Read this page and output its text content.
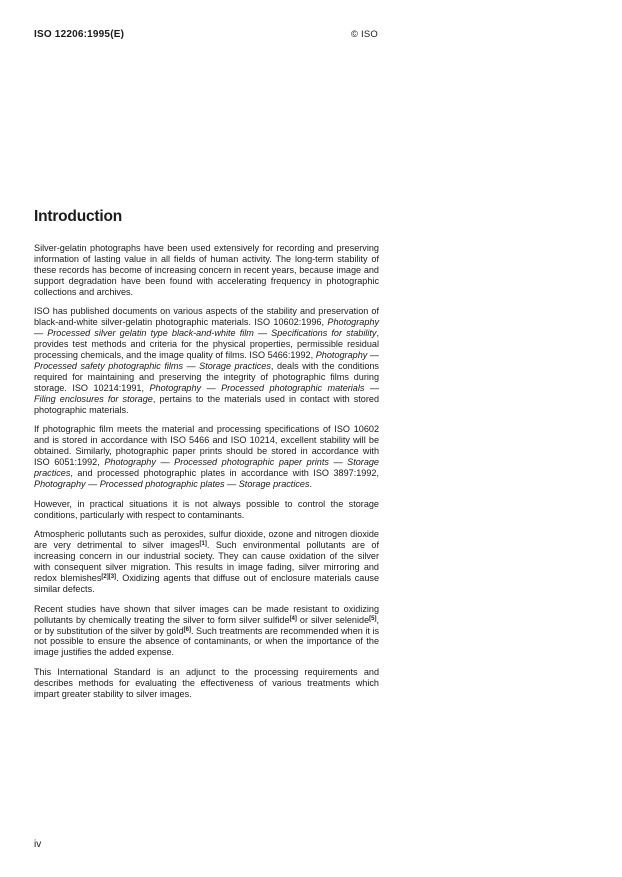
ISO 12206:1995(E)	© ISO
Introduction

Silver-gelatin photographs have been used extensively for recording and preserving information of lasting value in all fields of human activity. The long-term stability of these records has become of increasing concern in recent years, because image and support degradation have been found with accelerating frequency in photographic collections and archives.

ISO has published documents on various aspects of the stability and preservation of black-and-white silver-gelatin photographic materials. ISO 10602:1996, Photography — Processed silver gelatin type black-and-white film — Specifications for stability, provides test methods and criteria for the physical properties, permissible residual processing chemicals, and the image quality of films. ISO 5466:1992, Photography — Processed safety photographic films — Storage practices, deals with the conditions required for maintaining and preserving the integrity of photographic films during storage. ISO 10214:1991, Photography — Processed photographic materials — Filing enclosures for storage, pertains to the materials used in contact with stored photographic materials.

If photographic film meets the material and processing specifications of ISO 10602 and is stored in accordance with ISO 5466 and ISO 10214, excellent stability will be obtained. Similarly, photographic paper prints should be stored in accordance with ISO 6051:1992, Photography — Processed photographic paper prints — Storage practices, and processed photographic plates in accordance with ISO 3897:1992, Photography — Processed photographic plates — Storage practices.

However, in practical situations it is not always possible to control the storage conditions, particularly with respect to contaminants.

Atmospheric pollutants such as peroxides, sulfur dioxide, ozone and nitrogen dioxide are very detrimental to silver images[1]. Such environmental pollutants are of increasing concern in our industrial society. They can cause oxidation of the silver with consequent silver migration. This results in image fading, silver mirroring and redox blemishes[2][3]. Oxidizing agents that diffuse out of enclosure materials cause similar defects.

Recent studies have shown that silver images can be made resistant to oxidizing pollutants by chemically treating the silver to form silver sulfide[4] or silver selenide[5], or by substitution of the silver by gold[6]. Such treatments are recommended when it is not possible to ensure the absence of contaminants, or when the importance of the image justifies the added expense.

This International Standard is an adjunct to the processing requirements and describes methods for evaluating the effectiveness of various treatments which impart greater stability to silver images.

iv
